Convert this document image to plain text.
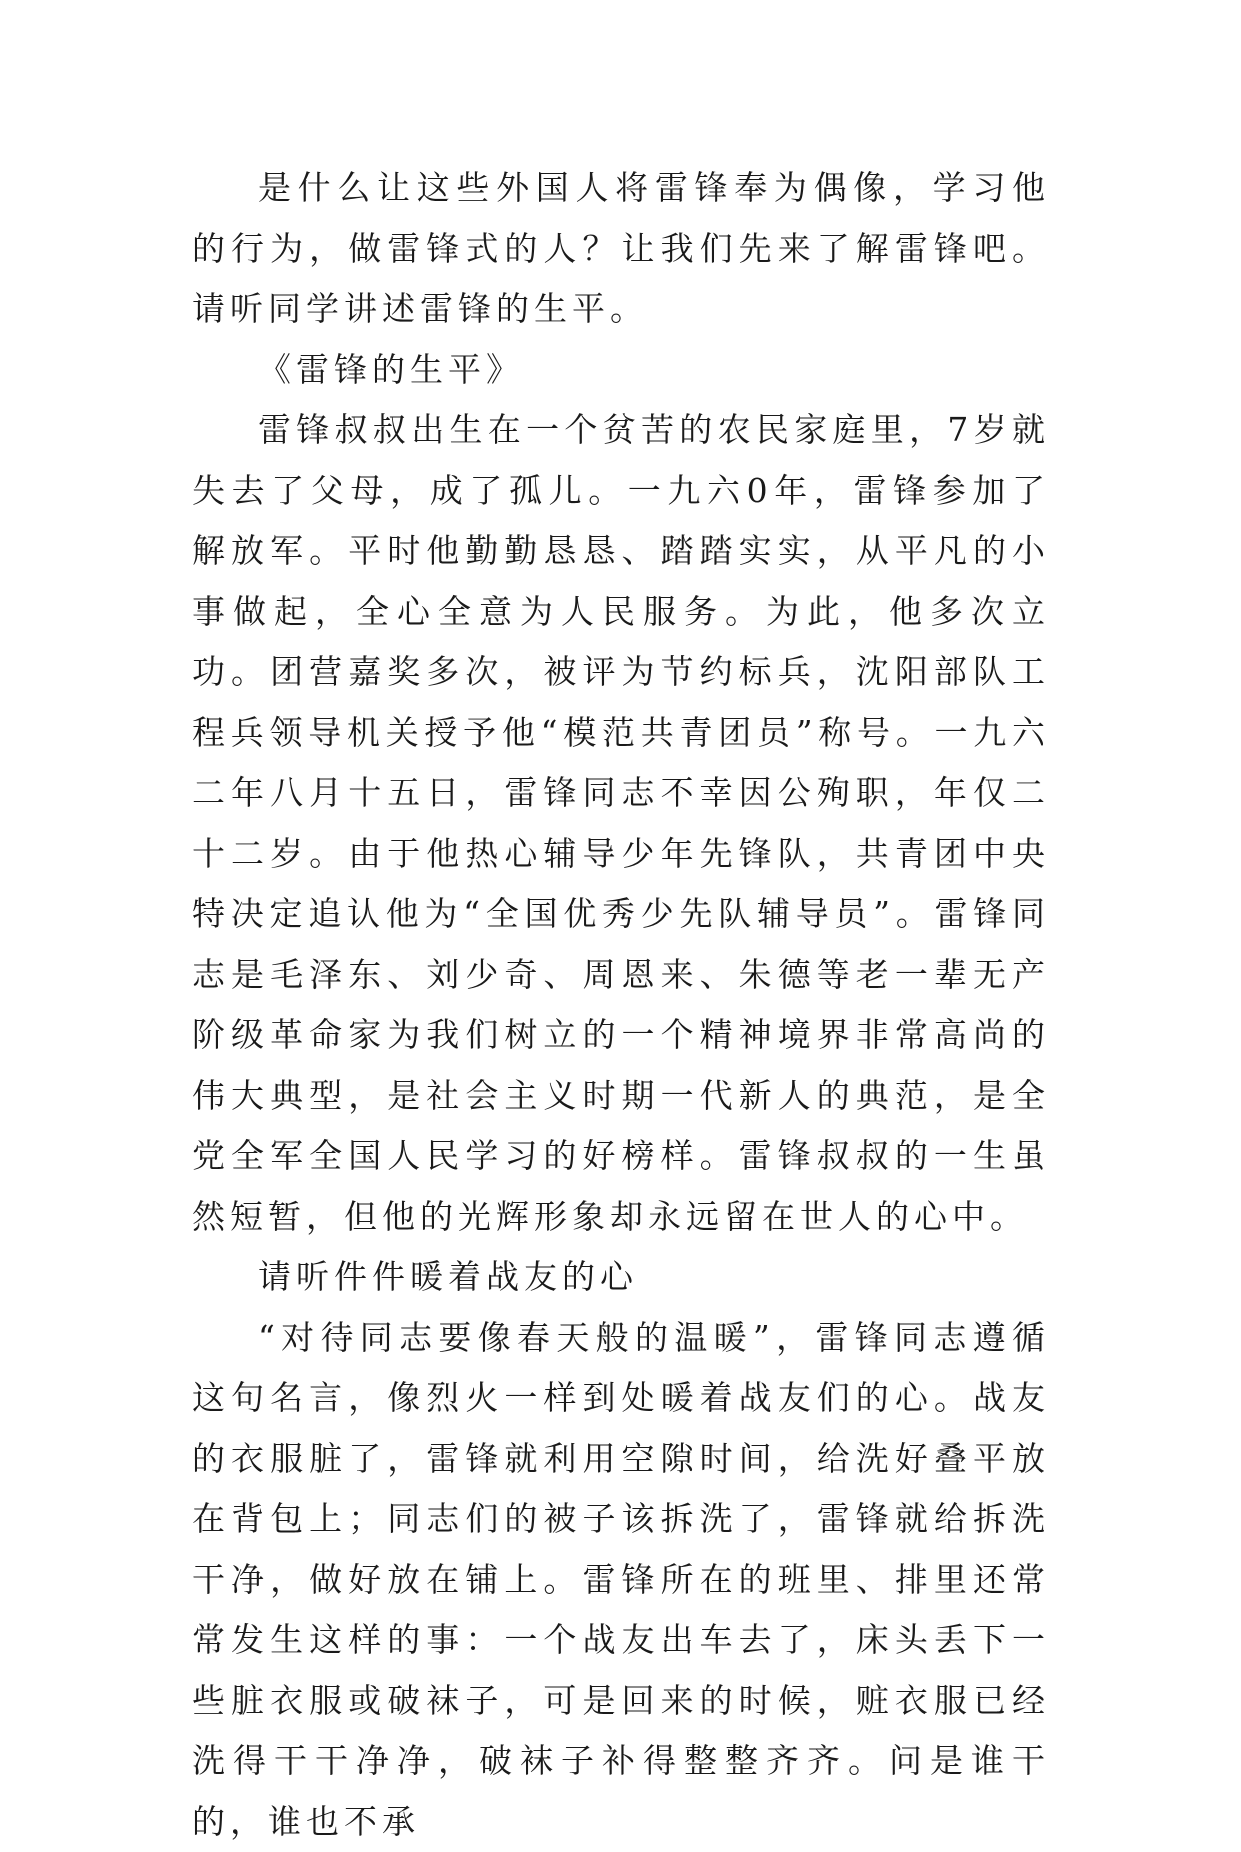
是什么让这些外国人将雷锋奉为偶像，学习他的行为，做雷锋式的人？让我们先来了解雷锋吧。请听同学讲述雷锋的生平。

《雷锋的生平》

雷锋叔叔出生在一个贫苦的农民家庭里，7岁就失去了父母，成了孤儿。一九六0年，雷锋参加了解放军。平时他勤勤恳恳、踏踏实实，从平凡的小事做起，全心全意为人民服务。为此，他多次立功。团营嘉奖多次，被评为节约标兵，沈阳部队工程兵领导机关授予他“模范共青团员”称号。一九六二年八月十五日，雷锋同志不幸因公殉职，年仅二十二岁。由于他热心辅导少年先锋队，共青团中央特决定追认他为“全国优秀少先队辅导员”。雷锋同志是毛泽东、刘少奇、周恩来、朱德等老一辈无产阶级革命家为我们树立的一个精神境界非常高尚的伟大典型，是社会主义时期一代新人的典范，是全党全军全国人民学习的好榜样。雷锋叔叔的一生虽然短暂，但他的光辉形象却永远留在世人的心中。

请听件件暖着战友的心

“对待同志要像春天般的温暖”，雷锋同志遵循这句名言，像烈火一样到处暖着战友们的心。战友的衣服脏了，雷锋就利用空隙时间，给洗好叠平放在背包上；同志们的被子该拆洗了，雷锋就给拆洗干净，做好放在铺上。雷锋所在的班里、排里还常常发生这样的事：一个战友出车去了，床头丢下一些脏衣服或破袜子，可是回来的时候，赃衣服已经洗得干干净净，破袜子补得整整齐齐。问是谁干的，谁也不承
